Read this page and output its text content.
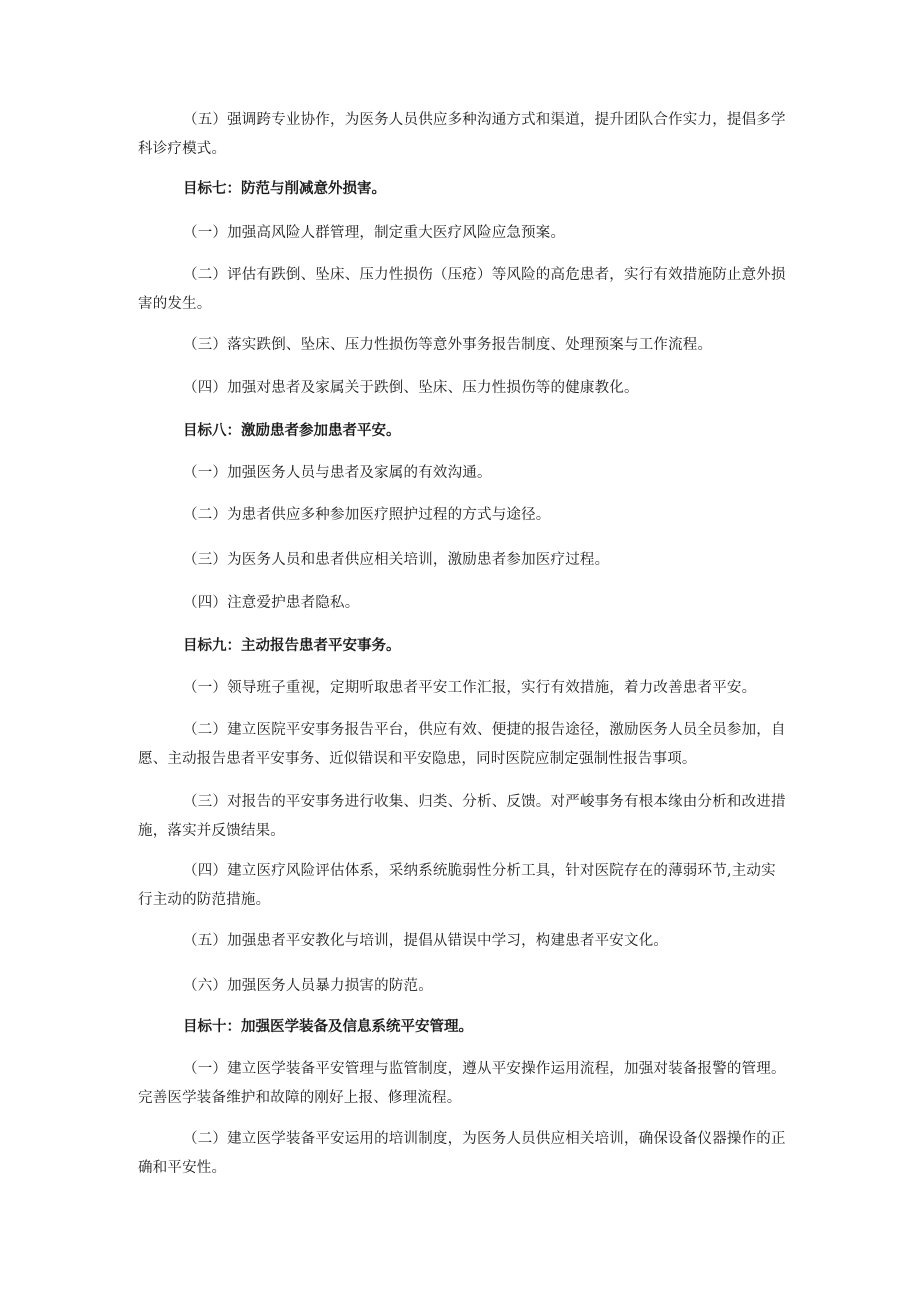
（五）强调跨专业协作，为医务人员供应多种沟通方式和渠道，提升团队合作实力，提倡多学科诊疗模式。

目标七：防范与削减意外损害。

（一）加强高风险人群管理，制定重大医疗风险应急预案。

（二）评估有跌倒、坠床、压力性损伤（压疮）等风险的高危患者，实行有效措施防止意外损害的发生。

（三）落实跌倒、坠床、压力性损伤等意外事务报告制度、处理预案与工作流程。

（四）加强对患者及家属关于跌倒、坠床、压力性损伤等的健康教化。

目标八：激励患者参加患者平安。

（一）加强医务人员与患者及家属的有效沟通。

（二）为患者供应多种参加医疗照护过程的方式与途径。

（三）为医务人员和患者供应相关培训，激励患者参加医疗过程。

（四）注意爱护患者隐私。

目标九：主动报告患者平安事务。

（一）领导班子重视，定期听取患者平安工作汇报，实行有效措施，着力改善患者平安。

（二）建立医院平安事务报告平台，供应有效、便捷的报告途径，激励医务人员全员参加，自愿、主动报告患者平安事务、近似错误和平安隐患，同时医院应制定强制性报告事项。

（三）对报告的平安事务进行收集、归类、分析、反馈。对严峻事务有根本缘由分析和改进措施，落实并反馈结果。

（四）建立医疗风险评估体系，采纳系统脆弱性分析工具，针对医院存在的薄弱环节,主动实行主动的防范措施。

（五）加强患者平安教化与培训，提倡从错误中学习，构建患者平安文化。

（六）加强医务人员暴力损害的防范。

目标十：加强医学装备及信息系统平安管理。

（一）建立医学装备平安管理与监管制度，遵从平安操作运用流程，加强对装备报警的管理。完善医学装备维护和故障的刚好上报、修理流程。

（二）建立医学装备平安运用的培训制度，为医务人员供应相关培训，确保设备仪器操作的正确和平安性。
